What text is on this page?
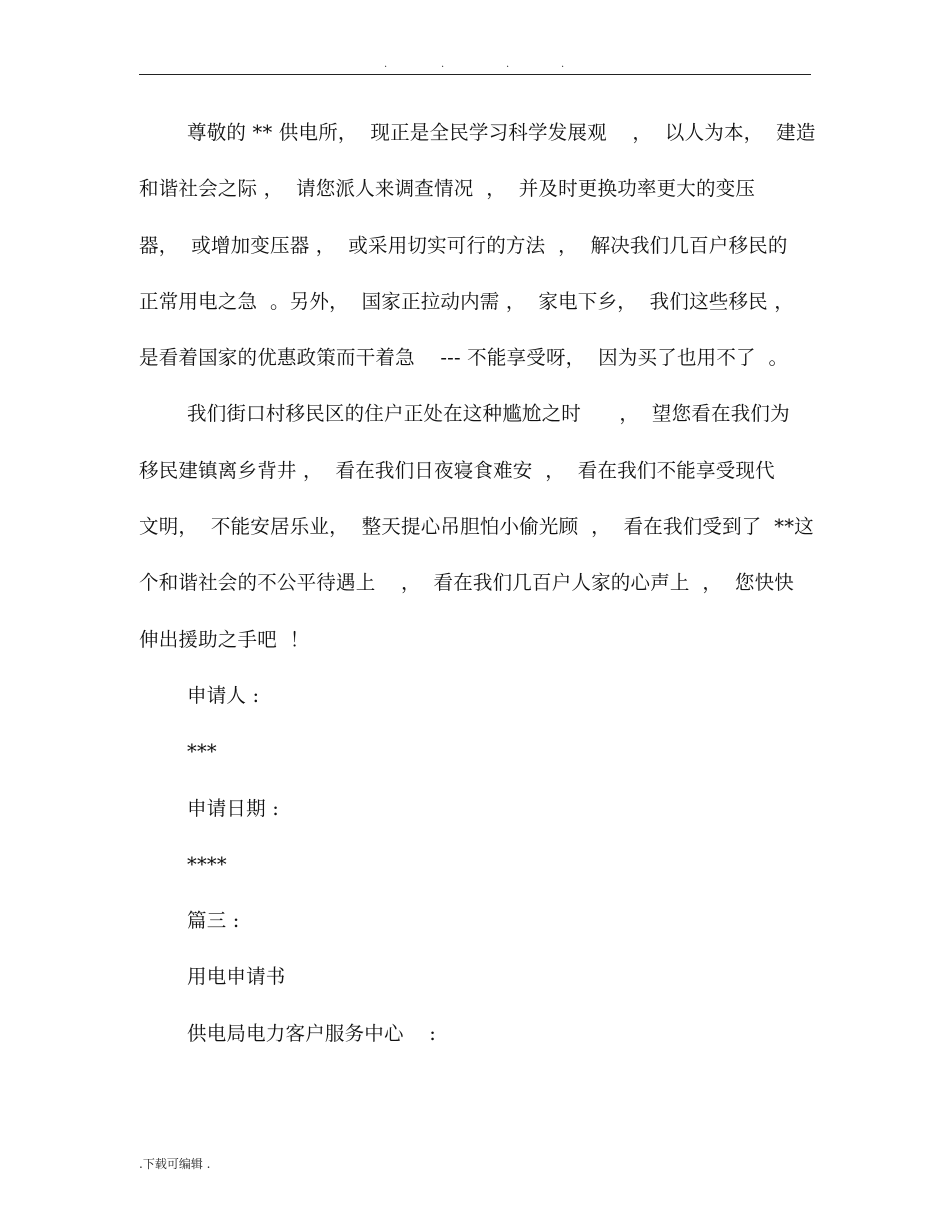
.	.	.	.
尊敬的 ** 供电所，  现正是全民学习科学发展观    ，  以人为本，  建造
和谐社会之际 ，  请您派人来调查情况  ，  并及时更换功率更大的变压
器，  或增加变压器 ，  或采用切实可行的方法  ，  解决我们几百户移民的
正常用电之急  。另外，  国家正拉动内需 ，  家电下乡，  我们这些移民 ，
是看着国家的优惠政策而干着急    --- 不能享受呀，  因为买了也用不了  。
我们街口村移民区的住户正处在这种尴尬之时      ，  望您看在我们为
移民建镇离乡背井 ，  看在我们日夜寝食难安  ，  看在我们不能享受现代
文明，  不能安居乐业，  整天提心吊胆怕小偷光顾  ，  看在我们受到了  **这
个和谐社会的不公平待遇上    ，  看在我们几百户人家的心声上  ，  您快快
伸出援助之手吧  ！
申请人 :
***
申请日期 :
****
篇三 :
用电申请书
供电局电力客户服务中心    :
.下载可编辑 .
